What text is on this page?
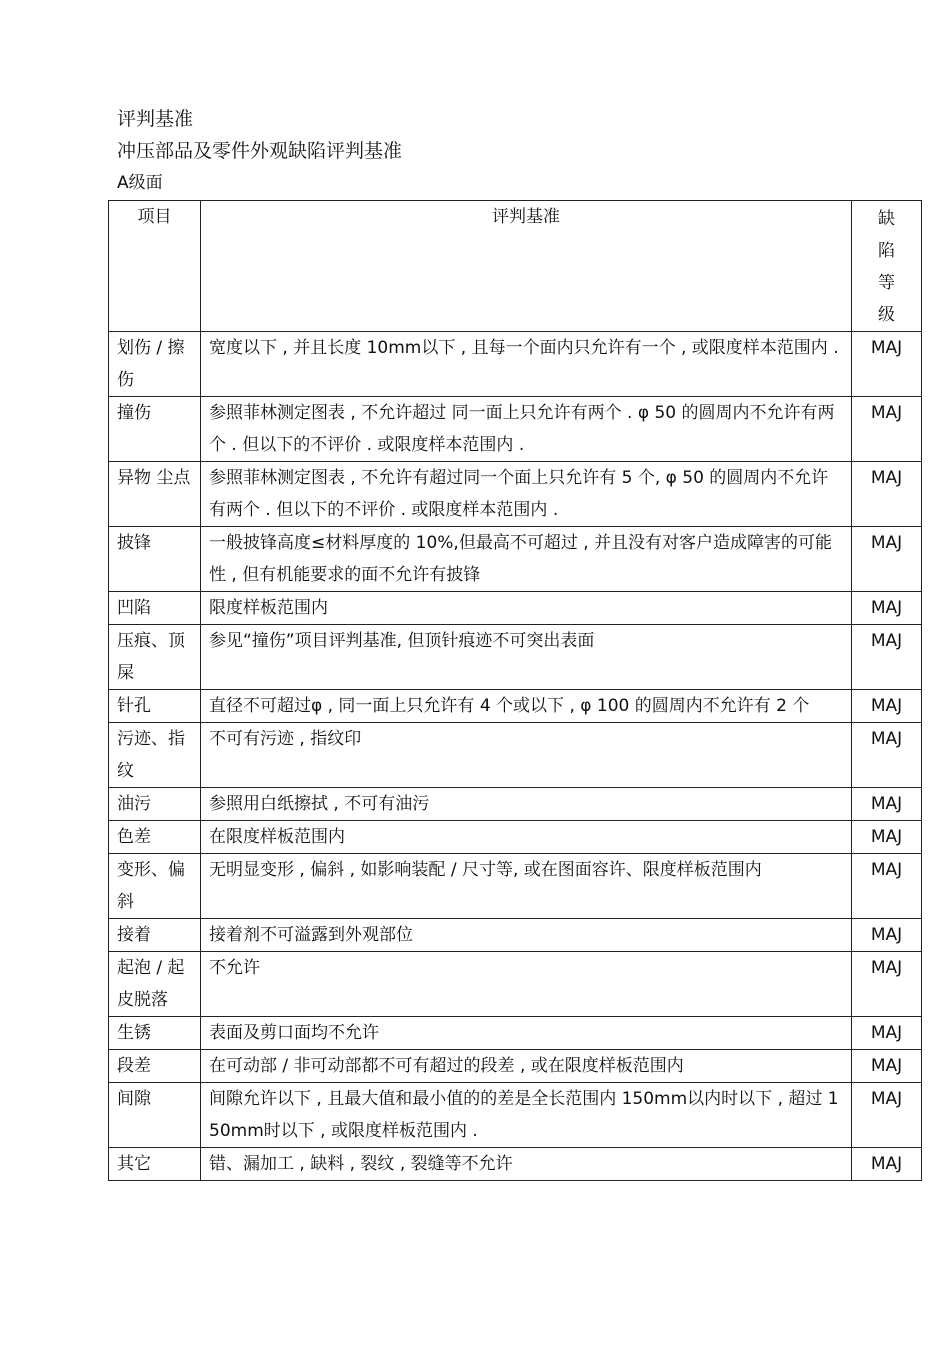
评判基准
冲压部品及零件外观缺陷评判基准
A级面
项目	评判基准	缺陷等级

划伤 / 擦伤	宽度以下 , 并且长度 10mm以下 , 且每一个面内只允许有一个 , 或限度样本范围内 .	MAJ
撞伤	参照菲林测定图表 , 不允许超过 同一面上只允许有两个 . φ 50 的圆周内不允许有两个 . 但以下的不评价 . 或限度样本范围内 .	MAJ
异物 尘点	参照菲林测定图表 , 不允许有超过同一个面上只允许有 5 个, φ 50 的圆周内不允许有两个 . 但以下的不评价 . 或限度样本范围内 .	MAJ
披锋	一般披锋高度≤材料厚度的 10%,但最高不可超过 , 并且没有对客户造成障害的可能性 , 但有机能要求的面不允许有披锋	MAJ
凹陷	限度样板范围内	MAJ
压痕、顶屎	参见“撞伤”项目评判基准, 但顶针痕迹不可突出表面	MAJ
针孔	直径不可超过φ , 同一面上只允许有 4 个或以下 , φ 100 的圆周内不允许有 2 个	MAJ
污迹、指纹	不可有污迹 , 指纹印	MAJ
油污	参照用白纸擦拭 , 不可有油污	MAJ
色差	在限度样板范围内	MAJ
变形、偏斜	无明显变形 , 偏斜 , 如影响装配 / 尺寸等, 或在图面容许、限度样板范围内	MAJ
接着	接着剂不可溢露到外观部位	MAJ
起泡 / 起皮脱落	不允许	MAJ
生锈	表面及剪口面均不允许	MAJ
段差	在可动部 / 非可动部都不可有超过的段差 , 或在限度样板范围内	MAJ
间隙	间隙允许以下 , 且最大值和最小值的的差是全长范围内 150mm以内时以下 , 超过 150mm时以下 , 或限度样板范围内 .	MAJ
其它	错、漏加工 , 缺料 , 裂纹 , 裂缝等不允许	MAJ
